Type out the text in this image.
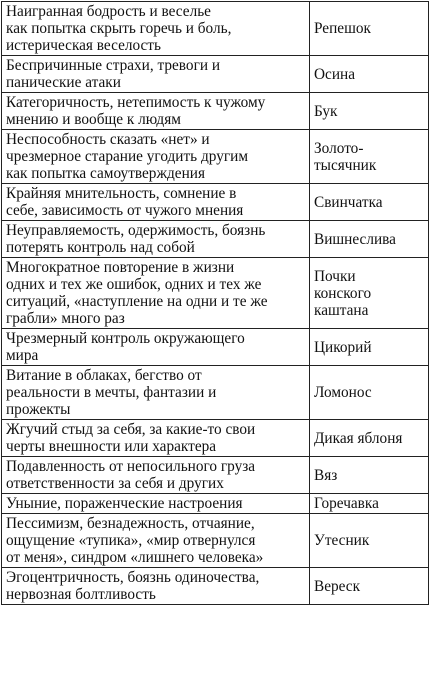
Наигранная бодрость и веселье
как попытка скрыть горечь и боль,
истерическая веселость	Репешок

Беспричинные страхи, тревоги и
панические атаки	Осина

Категоричность, нетепимость к чужому
мнению и вообще к людям	Бук

Неспособность сказать «нет» и
чрезмерное старание угодить другим
как попытка самоутверждения	Золото-
тысячник

Крайняя мнительность, сомнение в
себе, зависимость от чужого мнения	Свинчатка

Неуправляемость, одержимость, боязнь
потерять контроль над собой	Вишнеслива

Многократное повторение в жизни
одних и тех же ошибок, одних и тех же
ситуаций, «наступление на одни и те же
грабли» много раз	Почки
конского
каштана

Чрезмерный контроль окружающего
мира	Цикорий

Витание в облаках, бегство от
реальности в мечты, фантазии и
прожекты	Ломонос

Жгучий стыд за себя, за какие-то свои
черты внешности или характера	Дикая яблоня

Подавленность от непосильного груза
ответственности за себя и других	Вяз

Уныние, пораженческие настроения	Горечавка

Пессимизм, безнадежность, отчаяние,
ощущение «тупика», «мир отвернулся
от меня», синдром «лишнего человека»	Утесник

Эгоцентричность, боязнь одиночества,
нервозная болтливость	Вереск
